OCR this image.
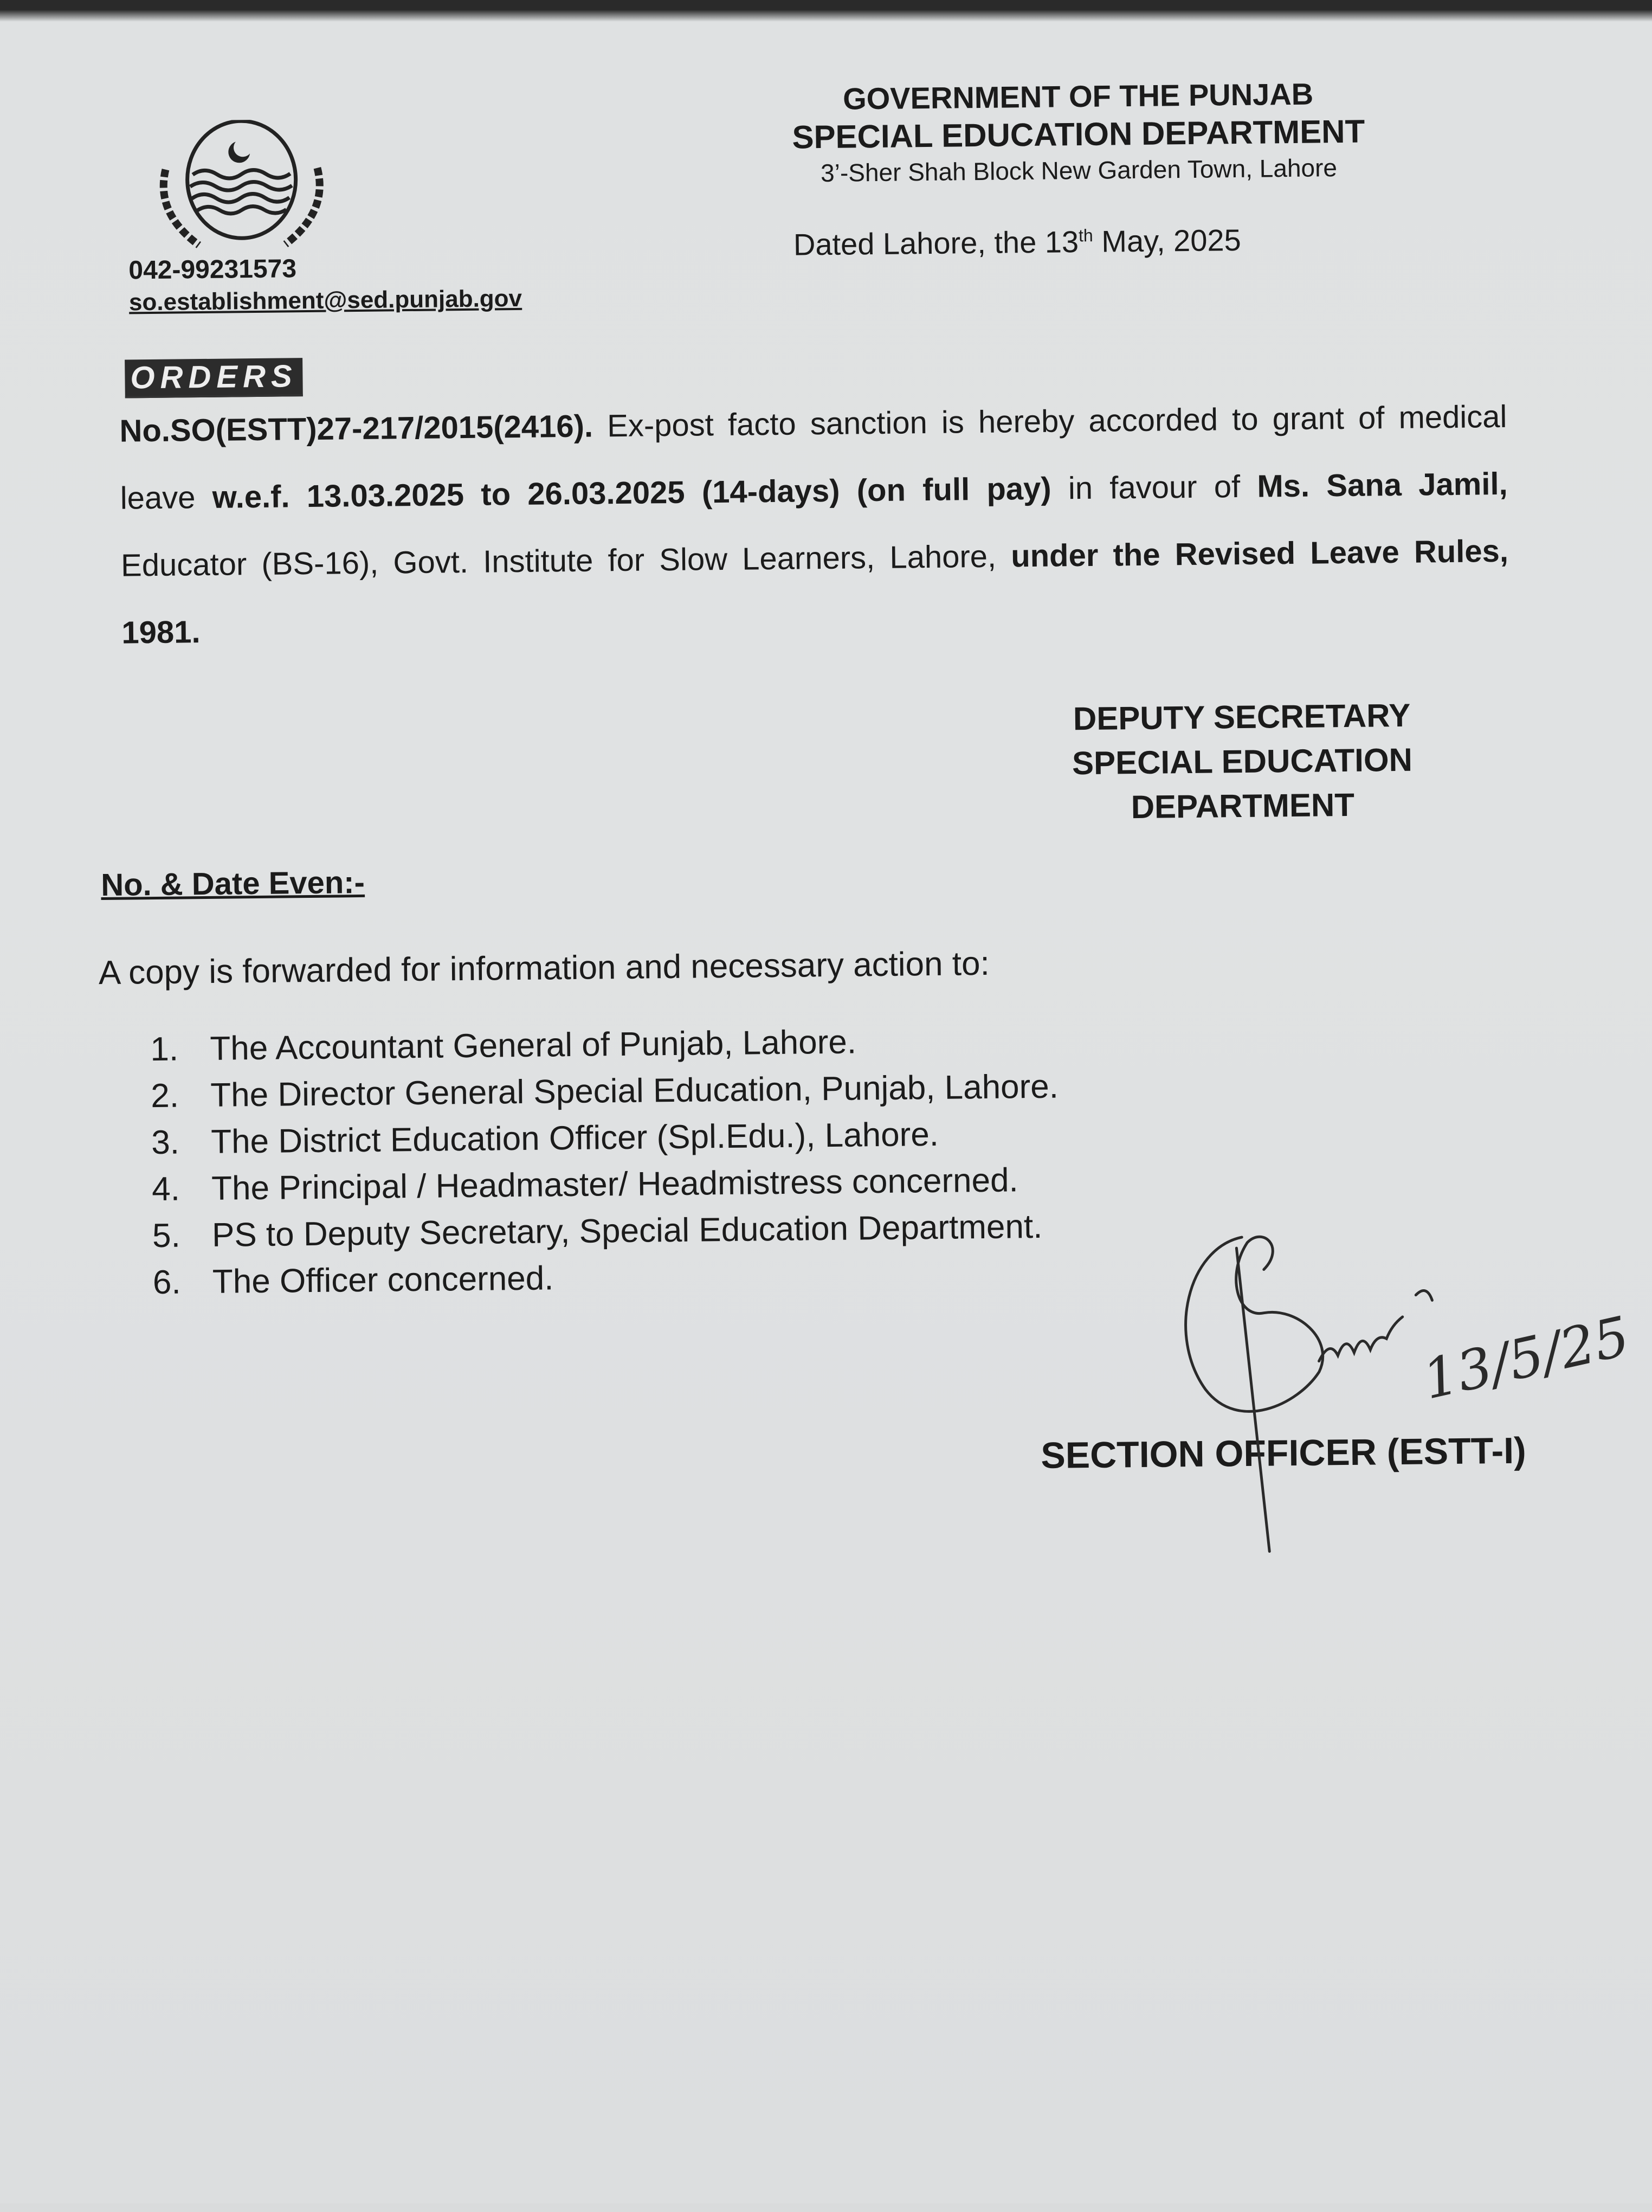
GOVERNMENT OF THE PUNJAB
SPECIAL EDUCATION DEPARTMENT
3’-Sher Shah Block New Garden Town, Lahore
Dated Lahore, the 13th May, 2025
042-99231573
so.establishment@sed.punjab.gov
ORDERS
No.SO(ESTT)27-217/2015(2416). Ex-post facto sanction is hereby accorded to grant of medical leave w.e.f. 13.03.2025 to 26.03.2025 (14-days) (on full pay) in favour of Ms. Sana Jamil, Educator (BS-16), Govt. Institute for Slow Learners, Lahore, under the Revised Leave Rules, 1981.
DEPUTY SECRETARY
SPECIAL EDUCATION
DEPARTMENT
No. & Date Even:-
A copy is forwarded for information and necessary action to:
1. The Accountant General of Punjab, Lahore.
2. The Director General Special Education, Punjab, Lahore.
3. The District Education Officer (Spl.Edu.), Lahore.
4. The Principal / Headmaster/ Headmistress concerned.
5. PS to Deputy Secretary, Special Education Department.
6. The Officer concerned.
SECTION OFFICER (ESTT-I)
13/5/25
